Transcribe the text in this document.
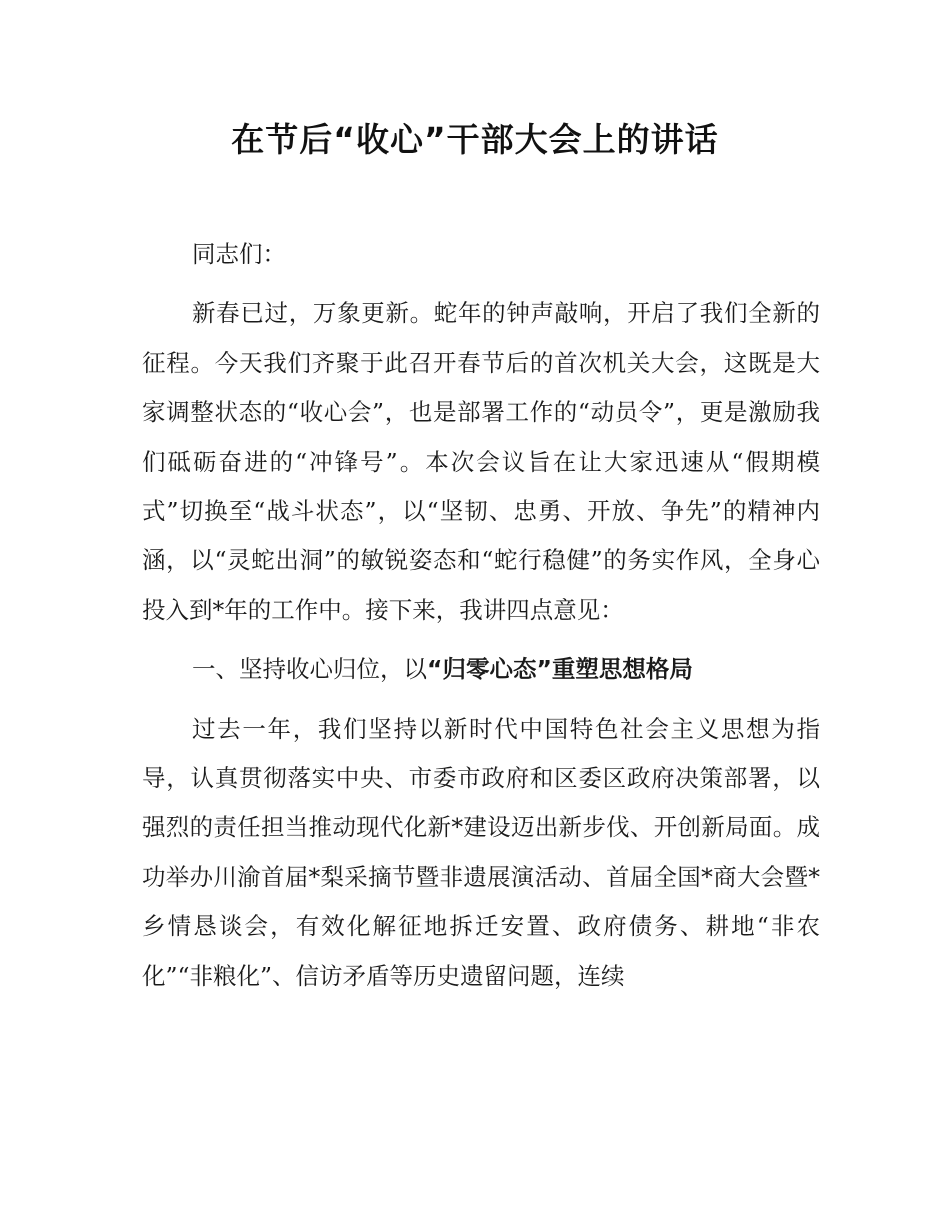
在节后“收心”干部大会上的讲话

同志们：

新春已过，万象更新。蛇年的钟声敲响，开启了我们全新的征程。今天我们齐聚于此召开春节后的首次机关大会，这既是大家调整状态的“收心会”，也是部署工作的“动员令”，更是激励我们砥砺奋进的“冲锋号”。本次会议旨在让大家迅速从“假期模式”切换至“战斗状态”，以“坚韧、忠勇、开放、争先”的精神内涵，以“灵蛇出洞”的敏锐姿态和“蛇行稳健”的务实作风，全身心投入到*年的工作中。接下来，我讲四点意见：

一、坚持收心归位，以“归零心态”重塑思想格局

过去一年，我们坚持以新时代中国特色社会主义思想为指导，认真贯彻落实中央、市委市政府和区委区政府决策部署，以强烈的责任担当推动现代化新*建设迈出新步伐、开创新局面。成功举办川渝首届*梨采摘节暨非遗展演活动、首届全国*商大会暨*乡情恳谈会，有效化解征地拆迁安置、政府债务、耕地“非农化”“非粮化”、信访矛盾等历史遗留问题，连续
